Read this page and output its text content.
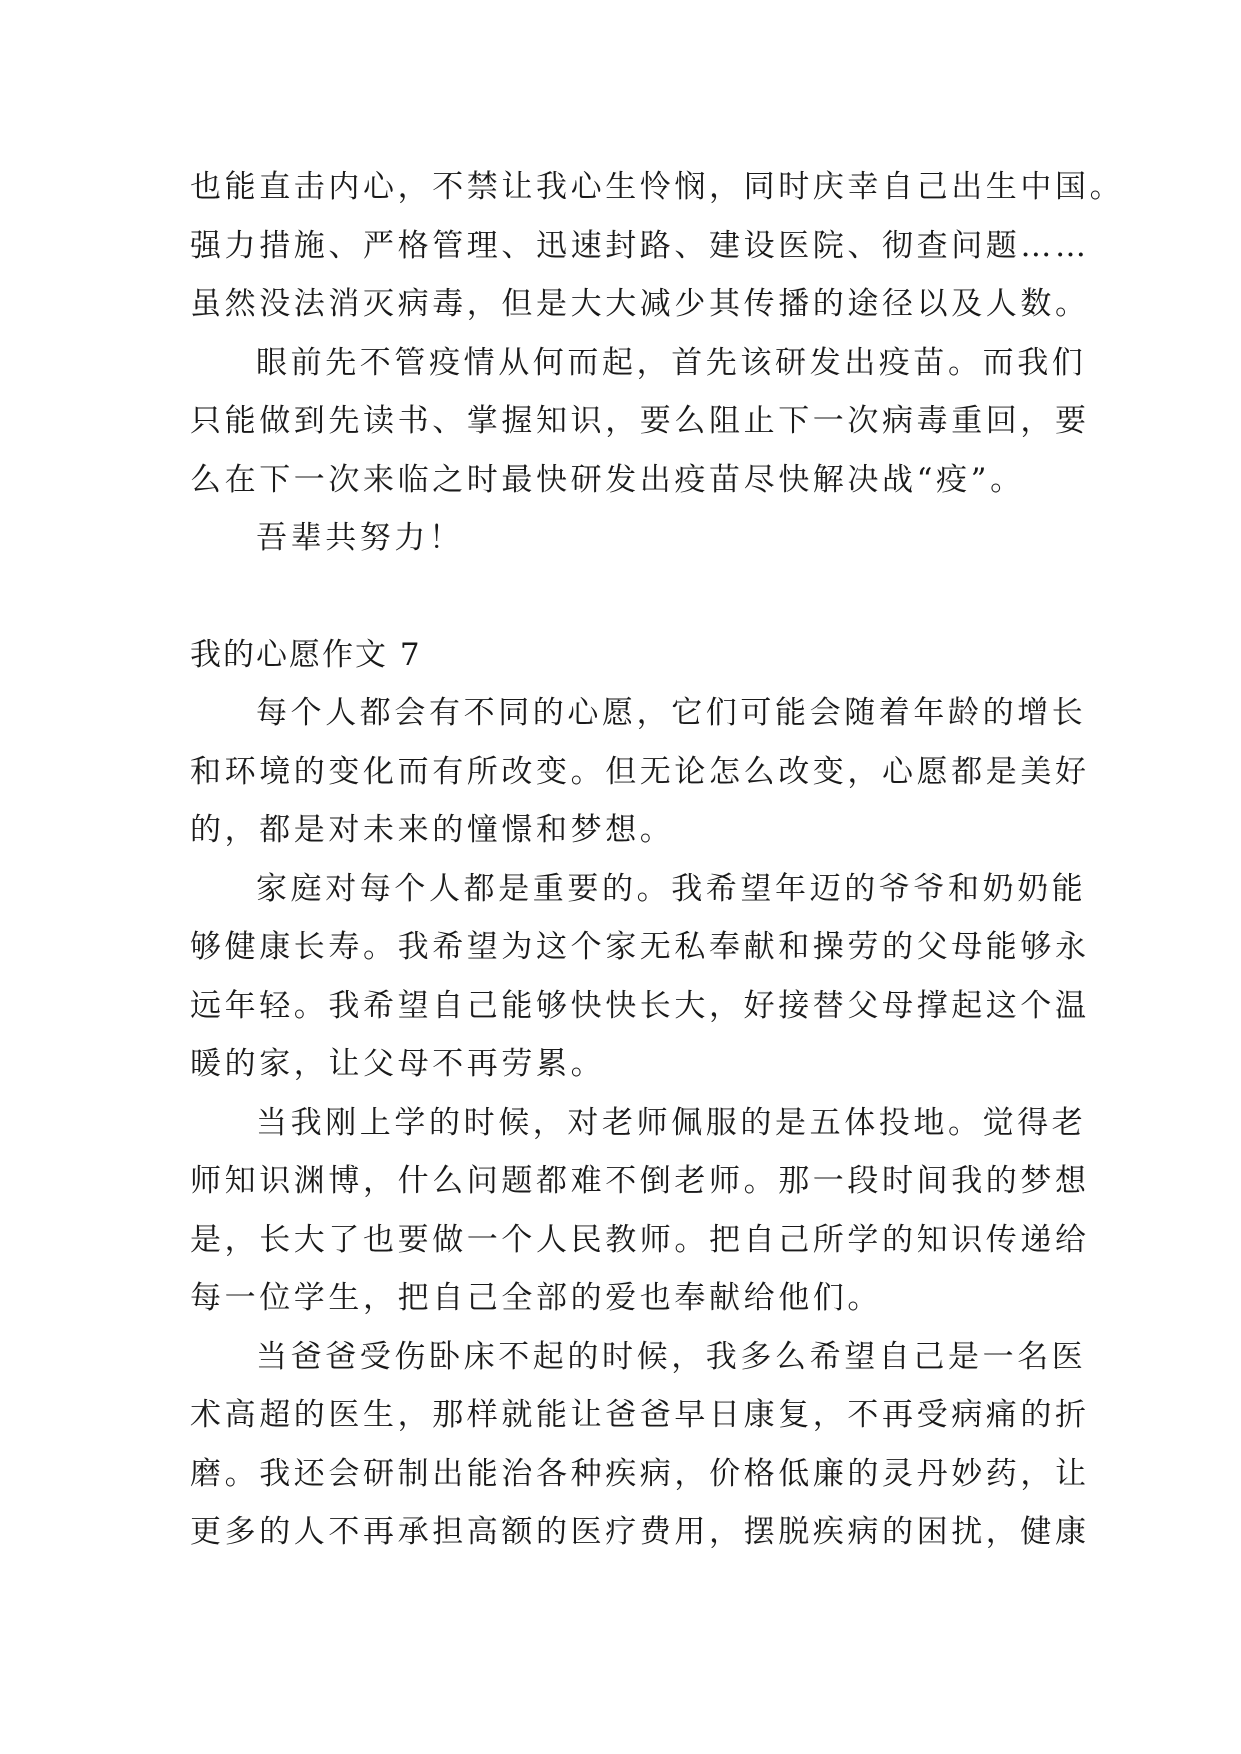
也能直击内心，不禁让我心生怜悯，同时庆幸自己出生中国。
强力措施、严格管理、迅速封路、建设医院、彻查问题……
虽然没法消灭病毒，但是大大减少其传播的途径以及人数。
眼前先不管疫情从何而起，首先该研发出疫苗。而我们
只能做到先读书、掌握知识，要么阻止下一次病毒重回，要
么在下一次来临之时最快研发出疫苗尽快解决战“疫”。
吾辈共努力！
我的心愿作文 7
每个人都会有不同的心愿，它们可能会随着年龄的增长
和环境的变化而有所改变。但无论怎么改变，心愿都是美好
的，都是对未来的憧憬和梦想。
家庭对每个人都是重要的。我希望年迈的爷爷和奶奶能
够健康长寿。我希望为这个家无私奉献和操劳的父母能够永
远年轻。我希望自己能够快快长大，好接替父母撑起这个温
暖的家，让父母不再劳累。
当我刚上学的时候，对老师佩服的是五体投地。觉得老
师知识渊博，什么问题都难不倒老师。那一段时间我的梦想
是，长大了也要做一个人民教师。把自己所学的知识传递给
每一位学生，把自己全部的爱也奉献给他们。
当爸爸受伤卧床不起的时候，我多么希望自己是一名医
术高超的医生，那样就能让爸爸早日康复，不再受病痛的折
磨。我还会研制出能治各种疾病，价格低廉的灵丹妙药，让
更多的人不再承担高额的医疗费用，摆脱疾病的困扰，健康
